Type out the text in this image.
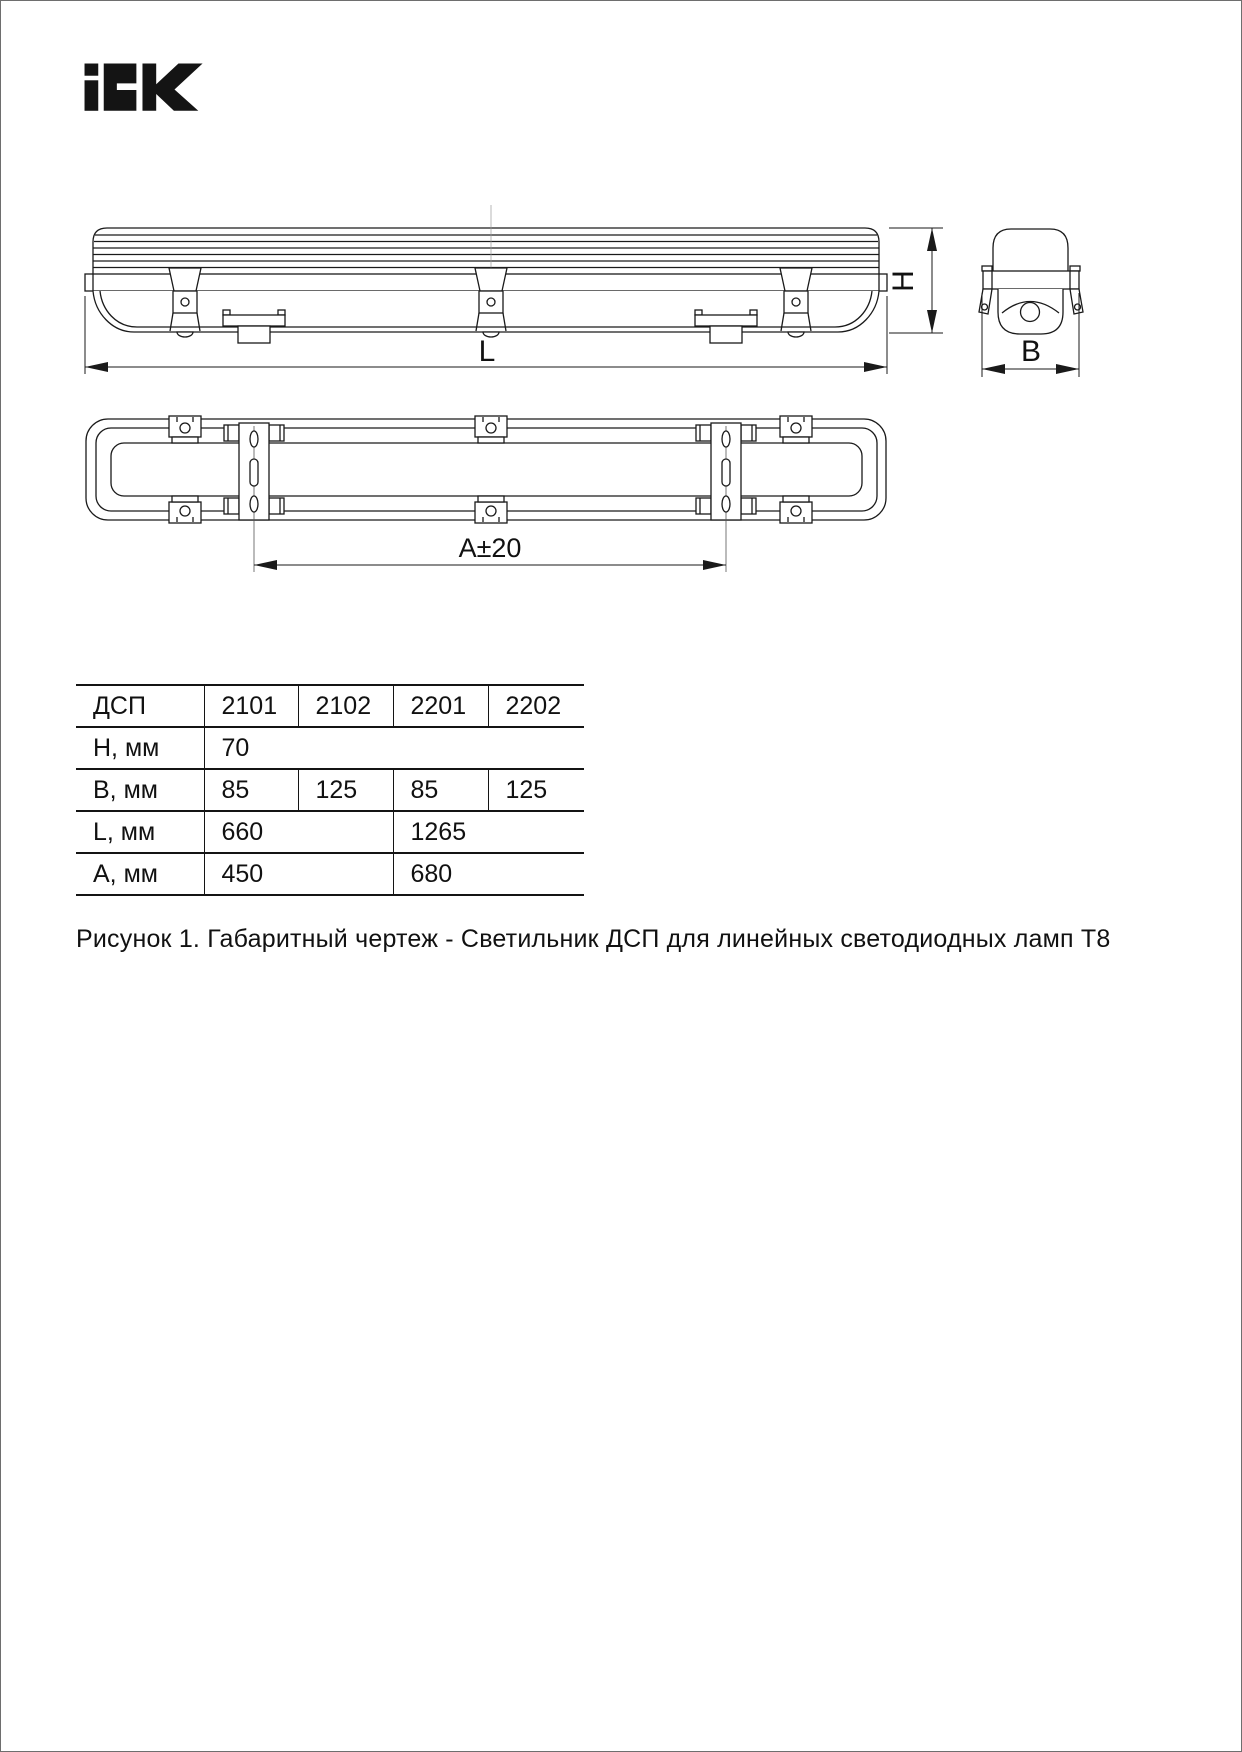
H
L	B
A±20
ДСП	2101	2102	2201	2202
H, мм	70			
B, мм	85	125	85	125
L, мм	660		1265	
A, мм	450		680	
Рисунок 1. Габаритный чертеж - Светильник ДСП для линейных светодиодных ламп Т8
